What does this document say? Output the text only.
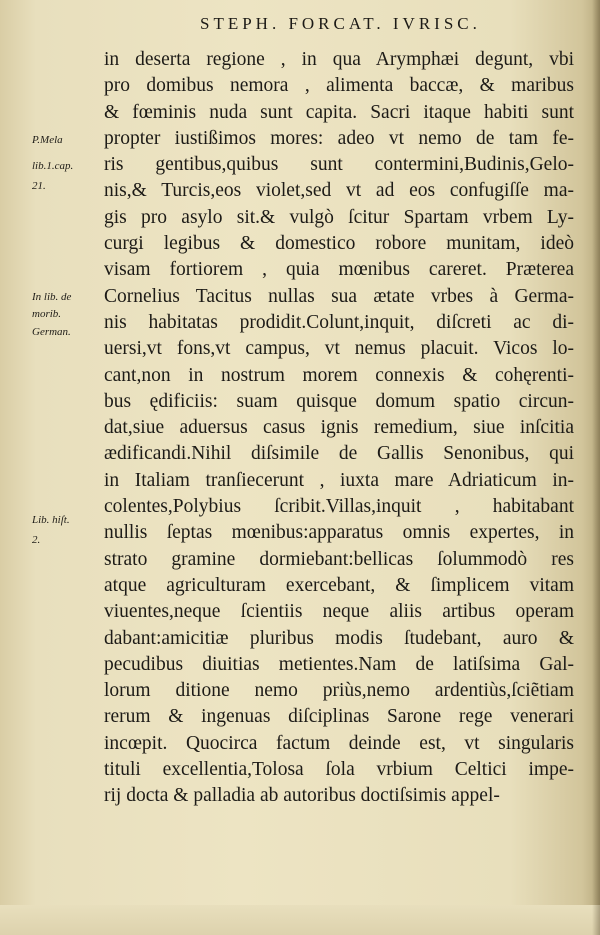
STEPH. FORCAT. IVRISC.
P.Mela
lib.1.cap.
21.
In lib. de
morib.
German.
Lib. hiſt.
2.
in deserta regione , in qua Arymphæi degunt, vbi
pro domibus nemora , alimenta baccæ, & maribus
& fœminis nuda sunt capita. Sacri itaque habiti sunt
propter iustißimos mores: adeo vt nemo de tam fe-
ris gentibus,quibus sunt contermini,Budinis,Gelo-
nis,& Turcis,eos violet,sed vt ad eos confugiſſe ma-
gis pro asylo sit.& vulgò ſcitur Spartam vrbem Ly-
curgi legibus & domestico robore munitam, ideò
visam fortiorem , quia mœnibus careret. Præterea
Cornelius Tacitus nullas sua ætate vrbes à Germa-
nis habitatas prodidit.Colunt,inquit, diſcreti ac di-
uersi,vt fons,vt campus, vt nemus placuit. Vicos lo-
cant,non in nostrum morem connexis & cohęrenti-
bus ędificiis: suam quisque domum spatio circun-
dat,siue aduersus casus ignis remedium, siue inſcitia
ædificandi.Nihil diſsimile de Gallis Senonibus, qui
in Italiam tranſiecerunt , iuxta mare Adriaticum in-
colentes,Polybius ſcribit.Villas,inquit , habitabant
nullis ſeptas mœnibus:apparatus omnis expertes, in
strato gramine dormiebant:bellicas ſolummodò res
atque agriculturam exercebant, & ſimplicem vitam
viuentes,neque ſcientiis neque aliis artibus operam
dabant:amicitiæ pluribus modis ſtudebant, auro &
pecudibus diuitias metientes.Nam de latiſsima Gal-
lorum ditione nemo priùs,nemo ardentiùs,ſciẽtiam
rerum & ingenuas diſciplinas Sarone rege venerari
incœpit. Quocirca factum deinde est, vt singularis
tituli excellentia,Tolosa ſola vrbium Celtici impe-
rij docta & palladia ab autoribus doctiſsimis appel-
